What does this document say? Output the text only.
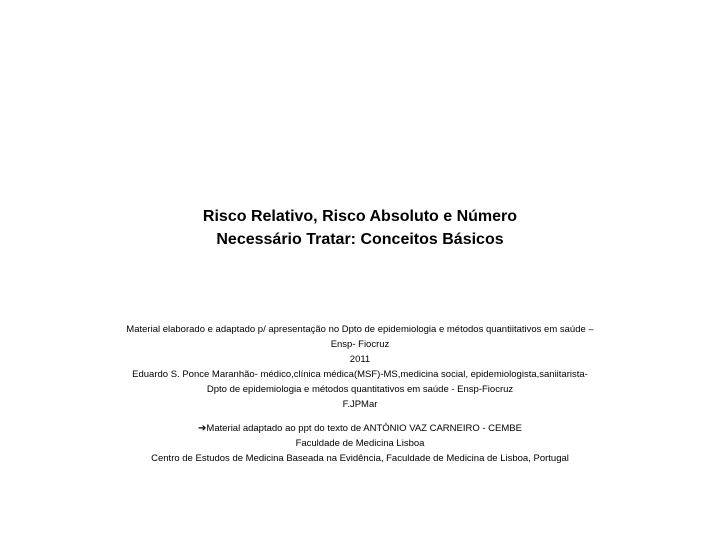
Risco Relativo, Risco Absoluto e Número
Necessário Tratar: Conceitos Básicos
Material elaborado e adaptado p/ apresentação no Dpto de epidemiologia e métodos quantiitativos em saúde –
Ensp- Fiocruz
2011
Eduardo S. Ponce Maranhão- médico,clínica médica(MSF)-MS,medicina social, epidemiologista,saniitarista-
Dpto de epidemiologia e métodos quantitativos em saúde - Ensp-Fiocruz
F.JPMar
➔Material adaptado ao ppt do texto de ANTÓNIO VAZ CARNEIRO - CEMBE
Faculdade de Medicina Lisboa
Centro de Estudos de Medicina Baseada na Evidência, Faculdade de Medicina de Lisboa, Portugal
